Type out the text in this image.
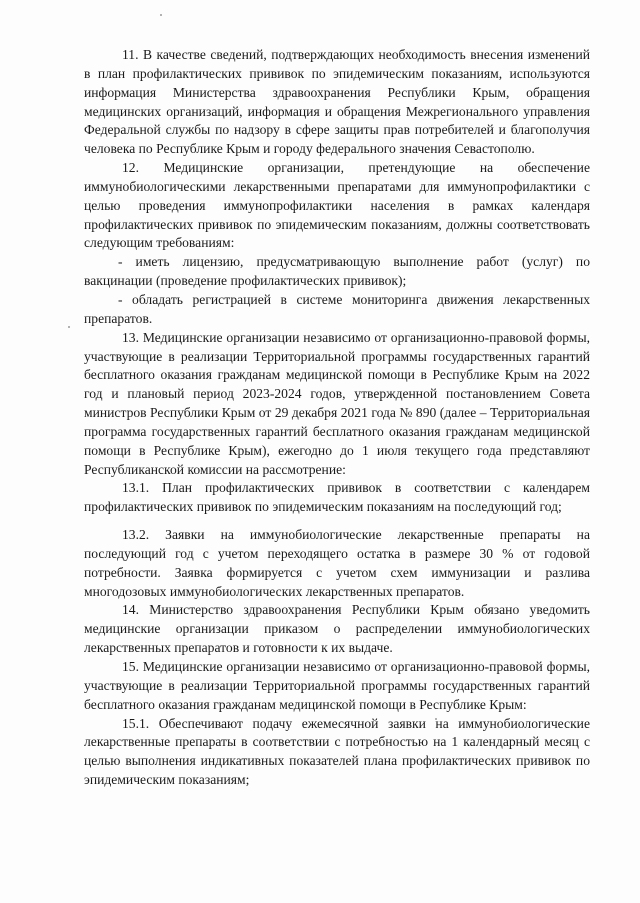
11. В качестве сведений, подтверждающих необходимость внесения изменений в план профилактических прививок по эпидемическим показаниям, используются информация Министерства здравоохранения Республики Крым, обращения медицинских организаций, информация и обращения Межрегионального управления Федеральной службы по надзору в сфере защиты прав потребителей и благополучия человека по Республике Крым и городу федерального значения Севастополю.

12. Медицинские организации, претендующие на обеспечение иммунобиологическими лекарственными препаратами для иммунопрофилактики с целью проведения иммунопрофилактики населения в рамках календаря профилактических прививок по эпидемическим показаниям, должны соответствовать следующим требованиям:

- иметь лицензию, предусматривающую выполнение работ (услуг) по вакцинации (проведение профилактических прививок);

- обладать регистрацией в системе мониторинга движения лекарственных препаратов.

13. Медицинские организации независимо от организационно-правовой формы, участвующие в реализации Территориальной программы государственных гарантий бесплатного оказания гражданам медицинской помощи в Республике Крым на 2022 год и плановый период 2023-2024 годов, утвержденной постановлением Совета министров Республики Крым от 29 декабря 2021 года № 890 (далее – Территориальная программа государственных гарантий бесплатного оказания гражданам медицинской помощи в Республике Крым), ежегодно до 1 июля текущего года представляют Республиканской комиссии на рассмотрение:

13.1. План профилактических прививок в соответствии с календарем профилактических прививок по эпидемическим показаниям на последующий год;

13.2. Заявки на иммунобиологические лекарственные препараты на последующий год с учетом переходящего остатка в размере 30 % от годовой потребности. Заявка формируется с учетом схем иммунизации и разлива многодозовых иммунобиологических лекарственных препаратов.

14. Министерство здравоохранения Республики Крым обязано уведомить медицинские организации приказом о распределении иммунобиологических лекарственных препаратов и готовности к их выдаче.

15. Медицинские организации независимо от организационно-правовой формы, участвующие в реализации Территориальной программы государственных гарантий бесплатного оказания гражданам медицинской помощи в Республике Крым:

15.1. Обеспечивают подачу ежемесячной заявки на иммунобиологические лекарственные препараты в соответствии с потребностью на 1 календарный месяц с целью выполнения индикативных показателей плана профилактических прививок по эпидемическим показаниям;
